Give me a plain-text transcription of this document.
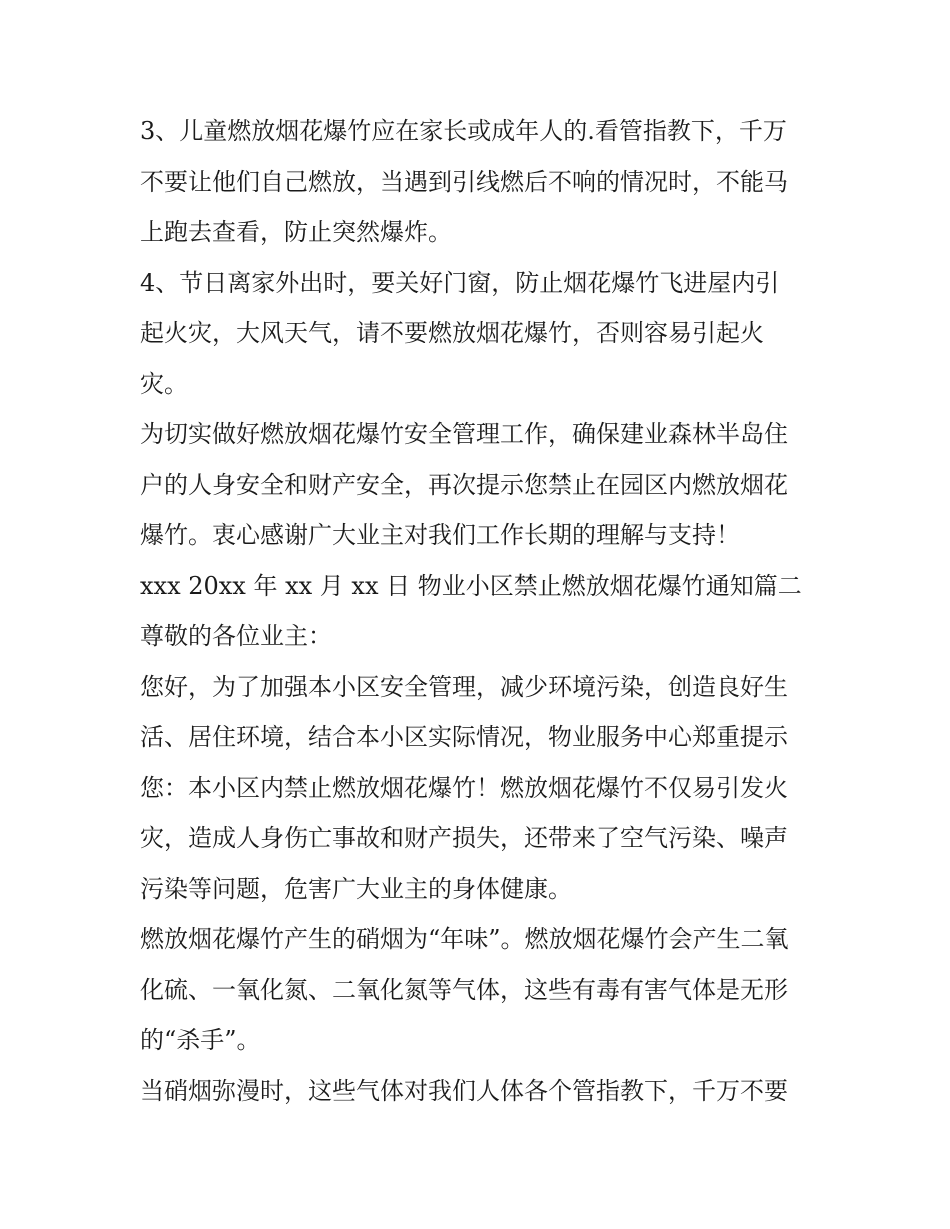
3、儿童燃放烟花爆竹应在家长或成年人的.看管指教下，千万
不要让他们自己燃放，当遇到引线燃后不响的情况时，不能马
上跑去查看，防止突然爆炸。
4、节日离家外出时，要关好门窗，防止烟花爆竹飞进屋内引
起火灾，大风天气，请不要燃放烟花爆竹，否则容易引起火
灾。
为切实做好燃放烟花爆竹安全管理工作，确保建业森林半岛住
户的人身安全和财产安全，再次提示您禁止在园区内燃放烟花
爆竹。衷心感谢广大业主对我们工作长期的理解与支持！
xxx 20xx 年 xx 月 xx 日 物业小区禁止燃放烟花爆竹通知篇二
尊敬的各位业主：
您好，为了加强本小区安全管理，减少环境污染，创造良好生
活、居住环境，结合本小区实际情况，物业服务中心郑重提示
您：本小区内禁止燃放烟花爆竹！燃放烟花爆竹不仅易引发火
灾，造成人身伤亡事故和财产损失，还带来了空气污染、噪声
污染等问题，危害广大业主的身体健康。
燃放烟花爆竹产生的硝烟为“年味”。燃放烟花爆竹会产生二氧
化硫、一氧化氮、二氧化氮等气体，这些有毒有害气体是无形
的“杀手”。
当硝烟弥漫时，这些气体对我们人体各个管指教下，千万不要
